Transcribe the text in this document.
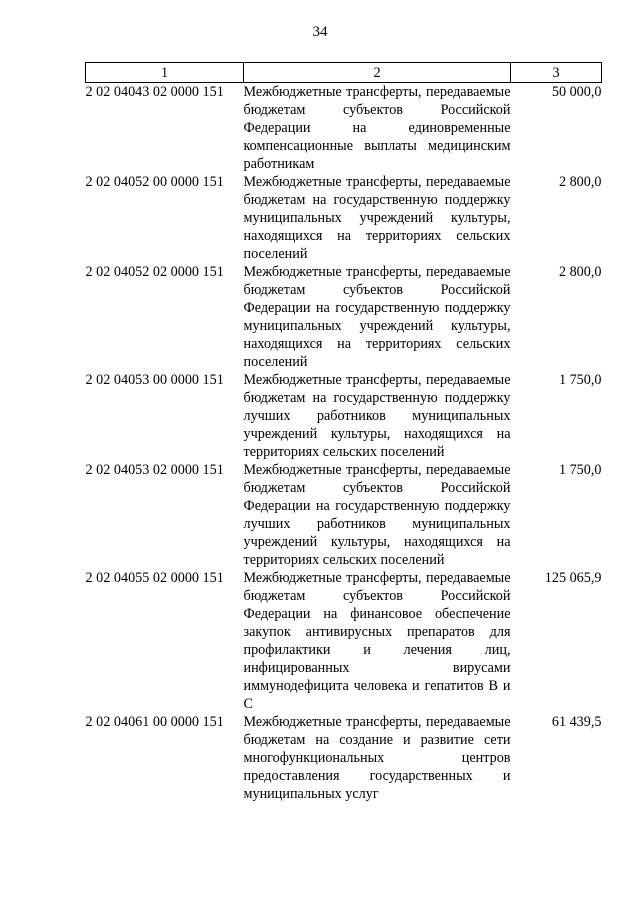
34
1	2	3
2 02 04043 02 0000 151	Межбюджетные трансферты, передаваемые бюджетам субъектов Российской Федерации на единовременные компенсационные выплаты медицинским работникам	50 000,0
2 02 04052 00 0000 151	Межбюджетные трансферты, передаваемые бюджетам на государственную поддержку муниципальных учреждений культуры, находящихся на территориях сельских поселений	2 800,0
2 02 04052 02 0000 151	Межбюджетные трансферты, передаваемые бюджетам субъектов Российской Федерации на государственную поддержку муниципальных учреждений культуры, находящихся на территориях сельских поселений	2 800,0
2 02 04053 00 0000 151	Межбюджетные трансферты, передаваемые бюджетам на государственную поддержку лучших работников муниципальных учреждений культуры, находящихся на территориях сельских поселений	1 750,0
2 02 04053 02 0000 151	Межбюджетные трансферты, передаваемые бюджетам субъектов Российской Федерации на государственную поддержку лучших работников муниципальных учреждений культуры, находящихся на территориях сельских поселений	1 750,0
2 02 04055 02 0000 151	Межбюджетные трансферты, передаваемые бюджетам субъектов Российской Федерации на финансовое обеспечение закупок антивирусных препаратов для профилактики и лечения лиц, инфицированных вирусами иммунодефицита человека и гепатитов В и С	125 065,9
2 02 04061 00 0000 151	Межбюджетные трансферты, передаваемые бюджетам на создание и развитие сети многофункциональных центров предоставления государственных и муниципальных услуг	61 439,5
